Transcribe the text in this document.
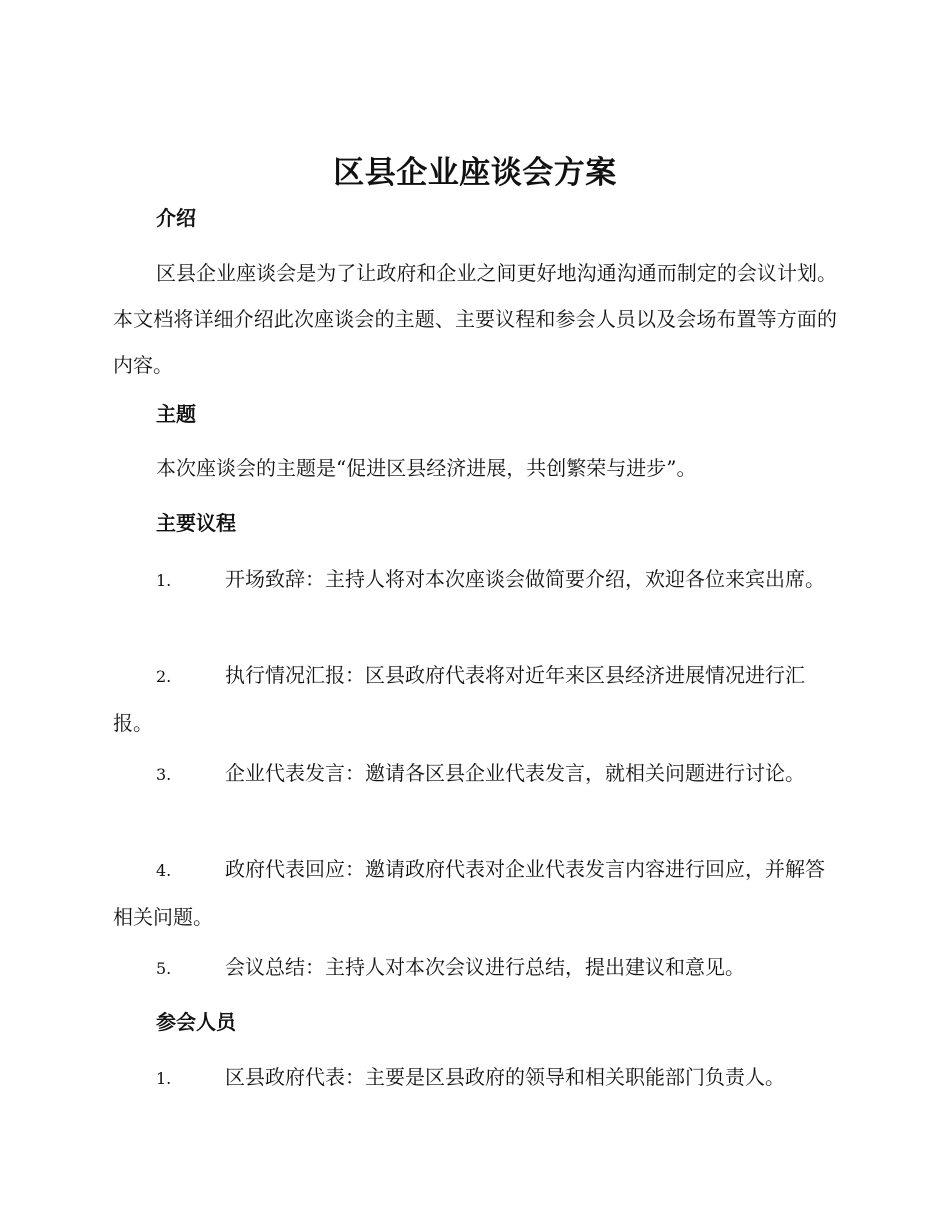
区县企业座谈会方案
介绍

区县企业座谈会是为了让政府和企业之间更好地沟通沟通而制定的会议计划。本文档将详细介绍此次座谈会的主题、主要议程和参会人员以及会场布置等方面的内容。

主题

本次座谈会的主题是“促进区县经济进展，共创繁荣与进步”。

主要议程

1.	开场致辞：主持人将对本次座谈会做简要介绍，欢迎各位来宾出席。

2.	执行情况汇报：区县政府代表将对近年来区县经济进展情况进行汇报。

3.	企业代表发言：邀请各区县企业代表发言，就相关问题进行讨论。

4.	政府代表回应：邀请政府代表对企业代表发言内容进行回应，并解答相关问题。

5.	会议总结：主持人对本次会议进行总结，提出建议和意见。

参会人员

1.	区县政府代表：主要是区县政府的领导和相关职能部门负责人。
